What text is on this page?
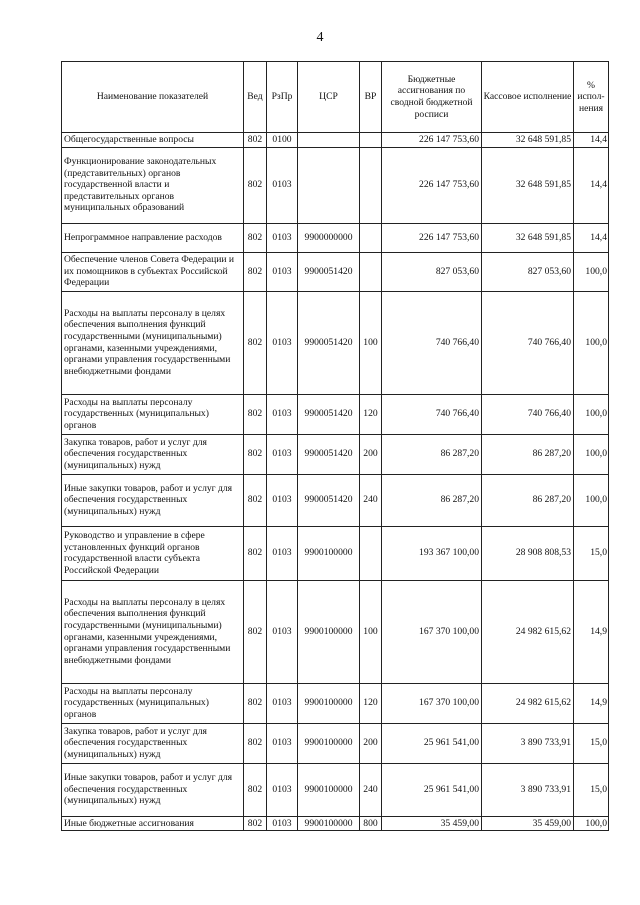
4
Наименование показателей	Вед	РзПр	ЦСР	ВР	Бюджетные ассигнования по сводной бюджетной росписи	Кассовое исполнение	% испол-нения
Общегосударственные вопросы	802	0100			226 147 753,60	32 648 591,85	14,4
Функционирование законодательных (представительных) органов государственной власти и представительных органов муниципальных образований	802	0103			226 147 753,60	32 648 591,85	14,4
Непрограммное направление расходов	802	0103	9900000000		226 147 753,60	32 648 591,85	14,4
Обеспечение членов Совета Федерации и их помощников в субъектах Российской Федерации	802	0103	9900051420		827 053,60	827 053,60	100,0
Расходы на выплаты персоналу в целях обеспечения выполнения функций государственными (муниципальными) органами, казенными учреждениями, органами управления государственными внебюджетными фондами	802	0103	9900051420	100	740 766,40	740 766,40	100,0
Расходы на выплаты персоналу государственных (муниципальных) органов	802	0103	9900051420	120	740 766,40	740 766,40	100,0
Закупка товаров, работ и услуг для обеспечения государственных (муниципальных) нужд	802	0103	9900051420	200	86 287,20	86 287,20	100,0
Иные закупки товаров, работ и услуг для обеспечения государственных (муниципальных) нужд	802	0103	9900051420	240	86 287,20	86 287,20	100,0
Руководство и управление в сфере установленных функций органов государственной власти субъекта Российской Федерации	802	0103	9900100000		193 367 100,00	28 908 808,53	15,0
Расходы на выплаты персоналу в целях обеспечения выполнения функций государственными (муниципальными) органами, казенными учреждениями, органами управления государственными внебюджетными фондами	802	0103	9900100000	100	167 370 100,00	24 982 615,62	14,9
Расходы на выплаты персоналу государственных (муниципальных) органов	802	0103	9900100000	120	167 370 100,00	24 982 615,62	14,9
Закупка товаров, работ и услуг для обеспечения государственных (муниципальных) нужд	802	0103	9900100000	200	25 961 541,00	3 890 733,91	15,0
Иные закупки товаров, работ и услуг для обеспечения государственных (муниципальных) нужд	802	0103	9900100000	240	25 961 541,00	3 890 733,91	15,0
Иные бюджетные ассигнования	802	0103	9900100000	800	35 459,00	35 459,00	100,0
